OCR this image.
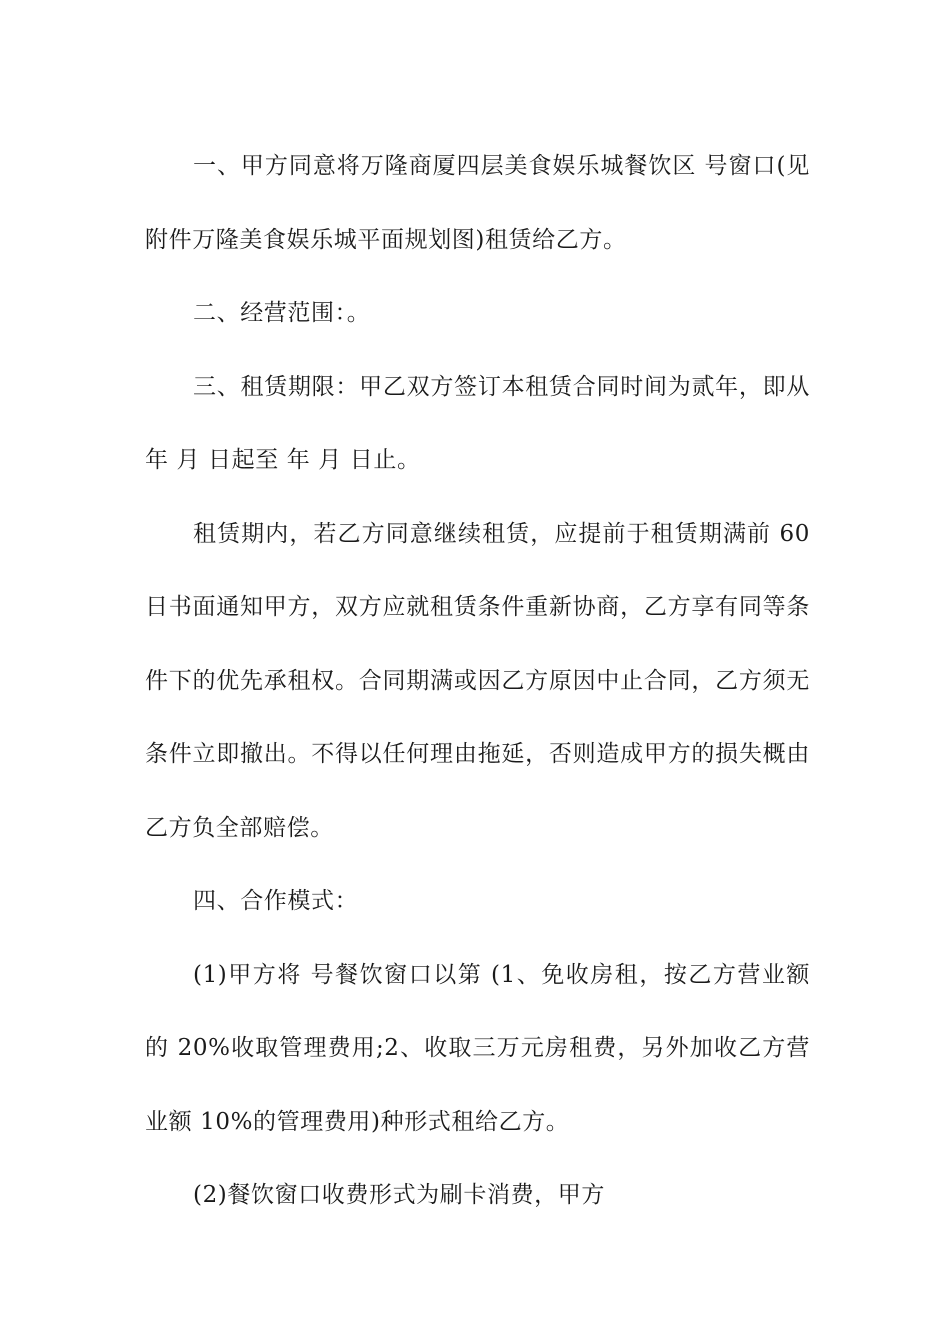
一、甲方同意将万隆商厦四层美食娱乐城餐饮区 号窗口(见附件万隆美食娱乐城平面规划图)租赁给乙方。

二、经营范围：。

三、租赁期限：甲乙双方签订本租赁合同时间为贰年，即从 年 月 日起至 年 月 日止。

租赁期内，若乙方同意继续租赁，应提前于租赁期满前 60 日书面通知甲方，双方应就租赁条件重新协商，乙方享有同等条件下的优先承租权。合同期满或因乙方原因中止合同，乙方须无条件立即撤出。不得以任何理由拖延，否则造成甲方的损失概由乙方负全部赔偿。

四、合作模式：

(1)甲方将 号餐饮窗口以第 (1、免收房租，按乙方营业额的 20%收取管理费用;2、收取三万元房租费，另外加收乙方营业额 10%的管理费用)种形式租给乙方。

(2)餐饮窗口收费形式为刷卡消费，甲方
